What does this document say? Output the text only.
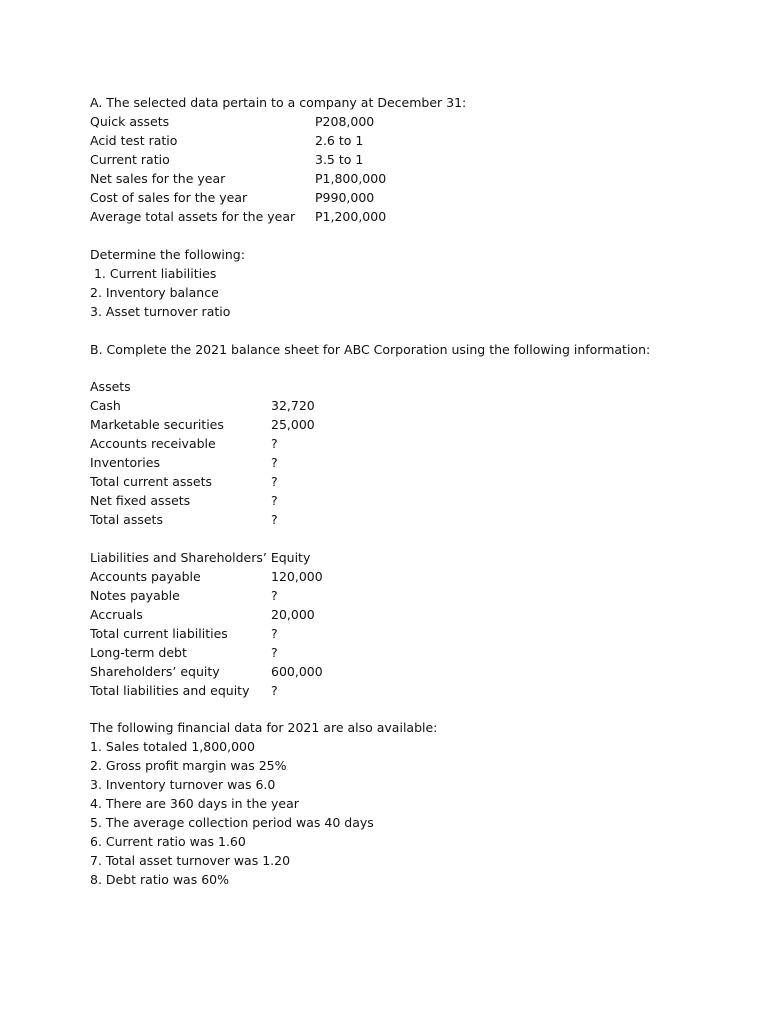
A. The selected data pertain to a company at December 31:
Quick assets	P208,000
Acid test ratio	2.6 to 1
Current ratio	3.5 to 1
Net sales for the year	P1,800,000
Cost of sales for the year	P990,000
Average total assets for the year P1,200,000
Determine the following:
1. Current liabilities
2. Inventory balance
3. Asset turnover ratio
B. Complete the 2021 balance sheet for ABC Corporation using the following information:
Assets
Cash	32,720
Marketable securities	25,000
Accounts receivable	?
Inventories	?
Total current assets	?
Net fixed assets	?
Total assets	?
Liabilities and Shareholders’ Equity
Accounts payable	120,000
Notes payable	?
Accruals	20,000
Total current liabilities	?
Long-term debt	?
Shareholders’ equity	600,000
Total liabilities and equity ?
The following financial data for 2021 are also available:
1. Sales totaled 1,800,000
2. Gross profit margin was 25%
3. Inventory turnover was 6.0
4. There are 360 days in the year
5. The average collection period was 40 days
6. Current ratio was 1.60
7. Total asset turnover was 1.20
8. Debt ratio was 60%
